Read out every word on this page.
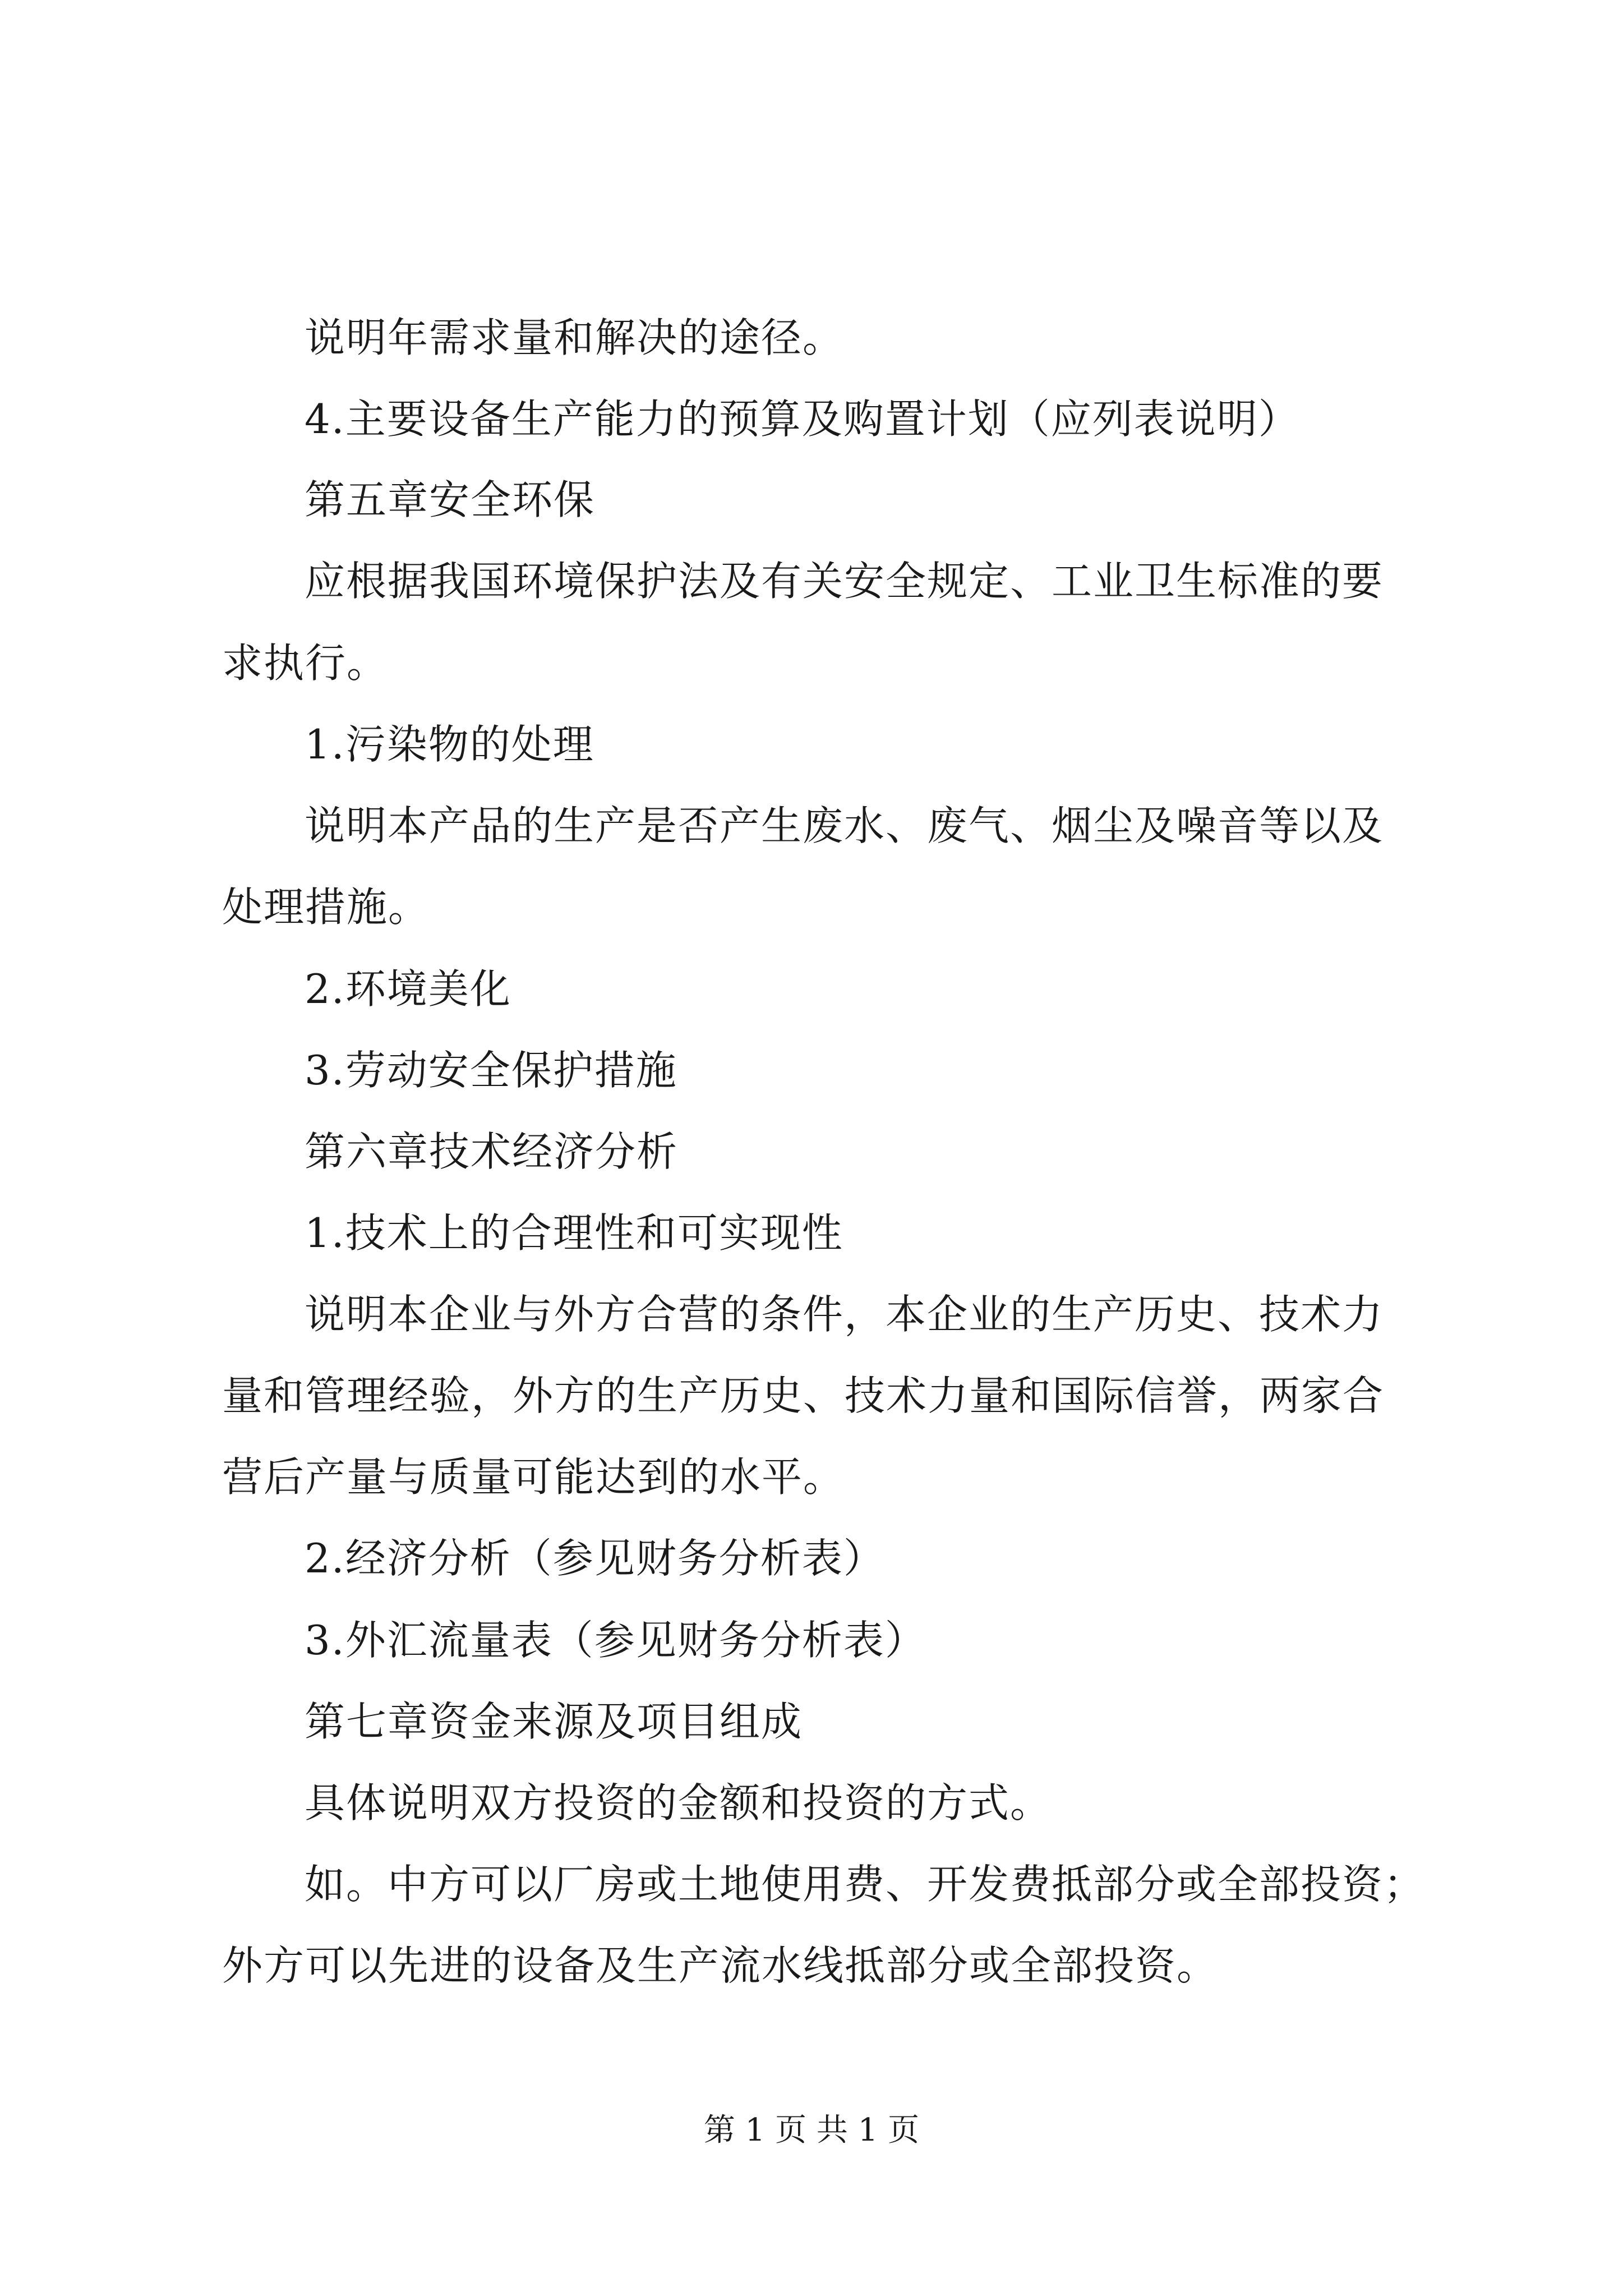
说明年需求量和解决的途径。
4.主要设备生产能力的预算及购置计划（应列表说明）
第五章安全环保
应根据我国环境保护法及有关安全规定、工业卫生标准的要
求执行。
1.污染物的处理
说明本产品的生产是否产生废水、废气、烟尘及噪音等以及
处理措施。
2.环境美化
3.劳动安全保护措施
第六章技术经济分析
1.技术上的合理性和可实现性
说明本企业与外方合营的条件，本企业的生产历史、技术力
量和管理经验，外方的生产历史、技术力量和国际信誉，两家合
营后产量与质量可能达到的水平。
2.经济分析（参见财务分析表）
3.外汇流量表（参见财务分析表）
第七章资金来源及项目组成
具体说明双方投资的金额和投资的方式。
如。中方可以厂房或土地使用费、开发费抵部分或全部投资；
外方可以先进的设备及生产流水线抵部分或全部投资。
第 1 页 共 1 页
